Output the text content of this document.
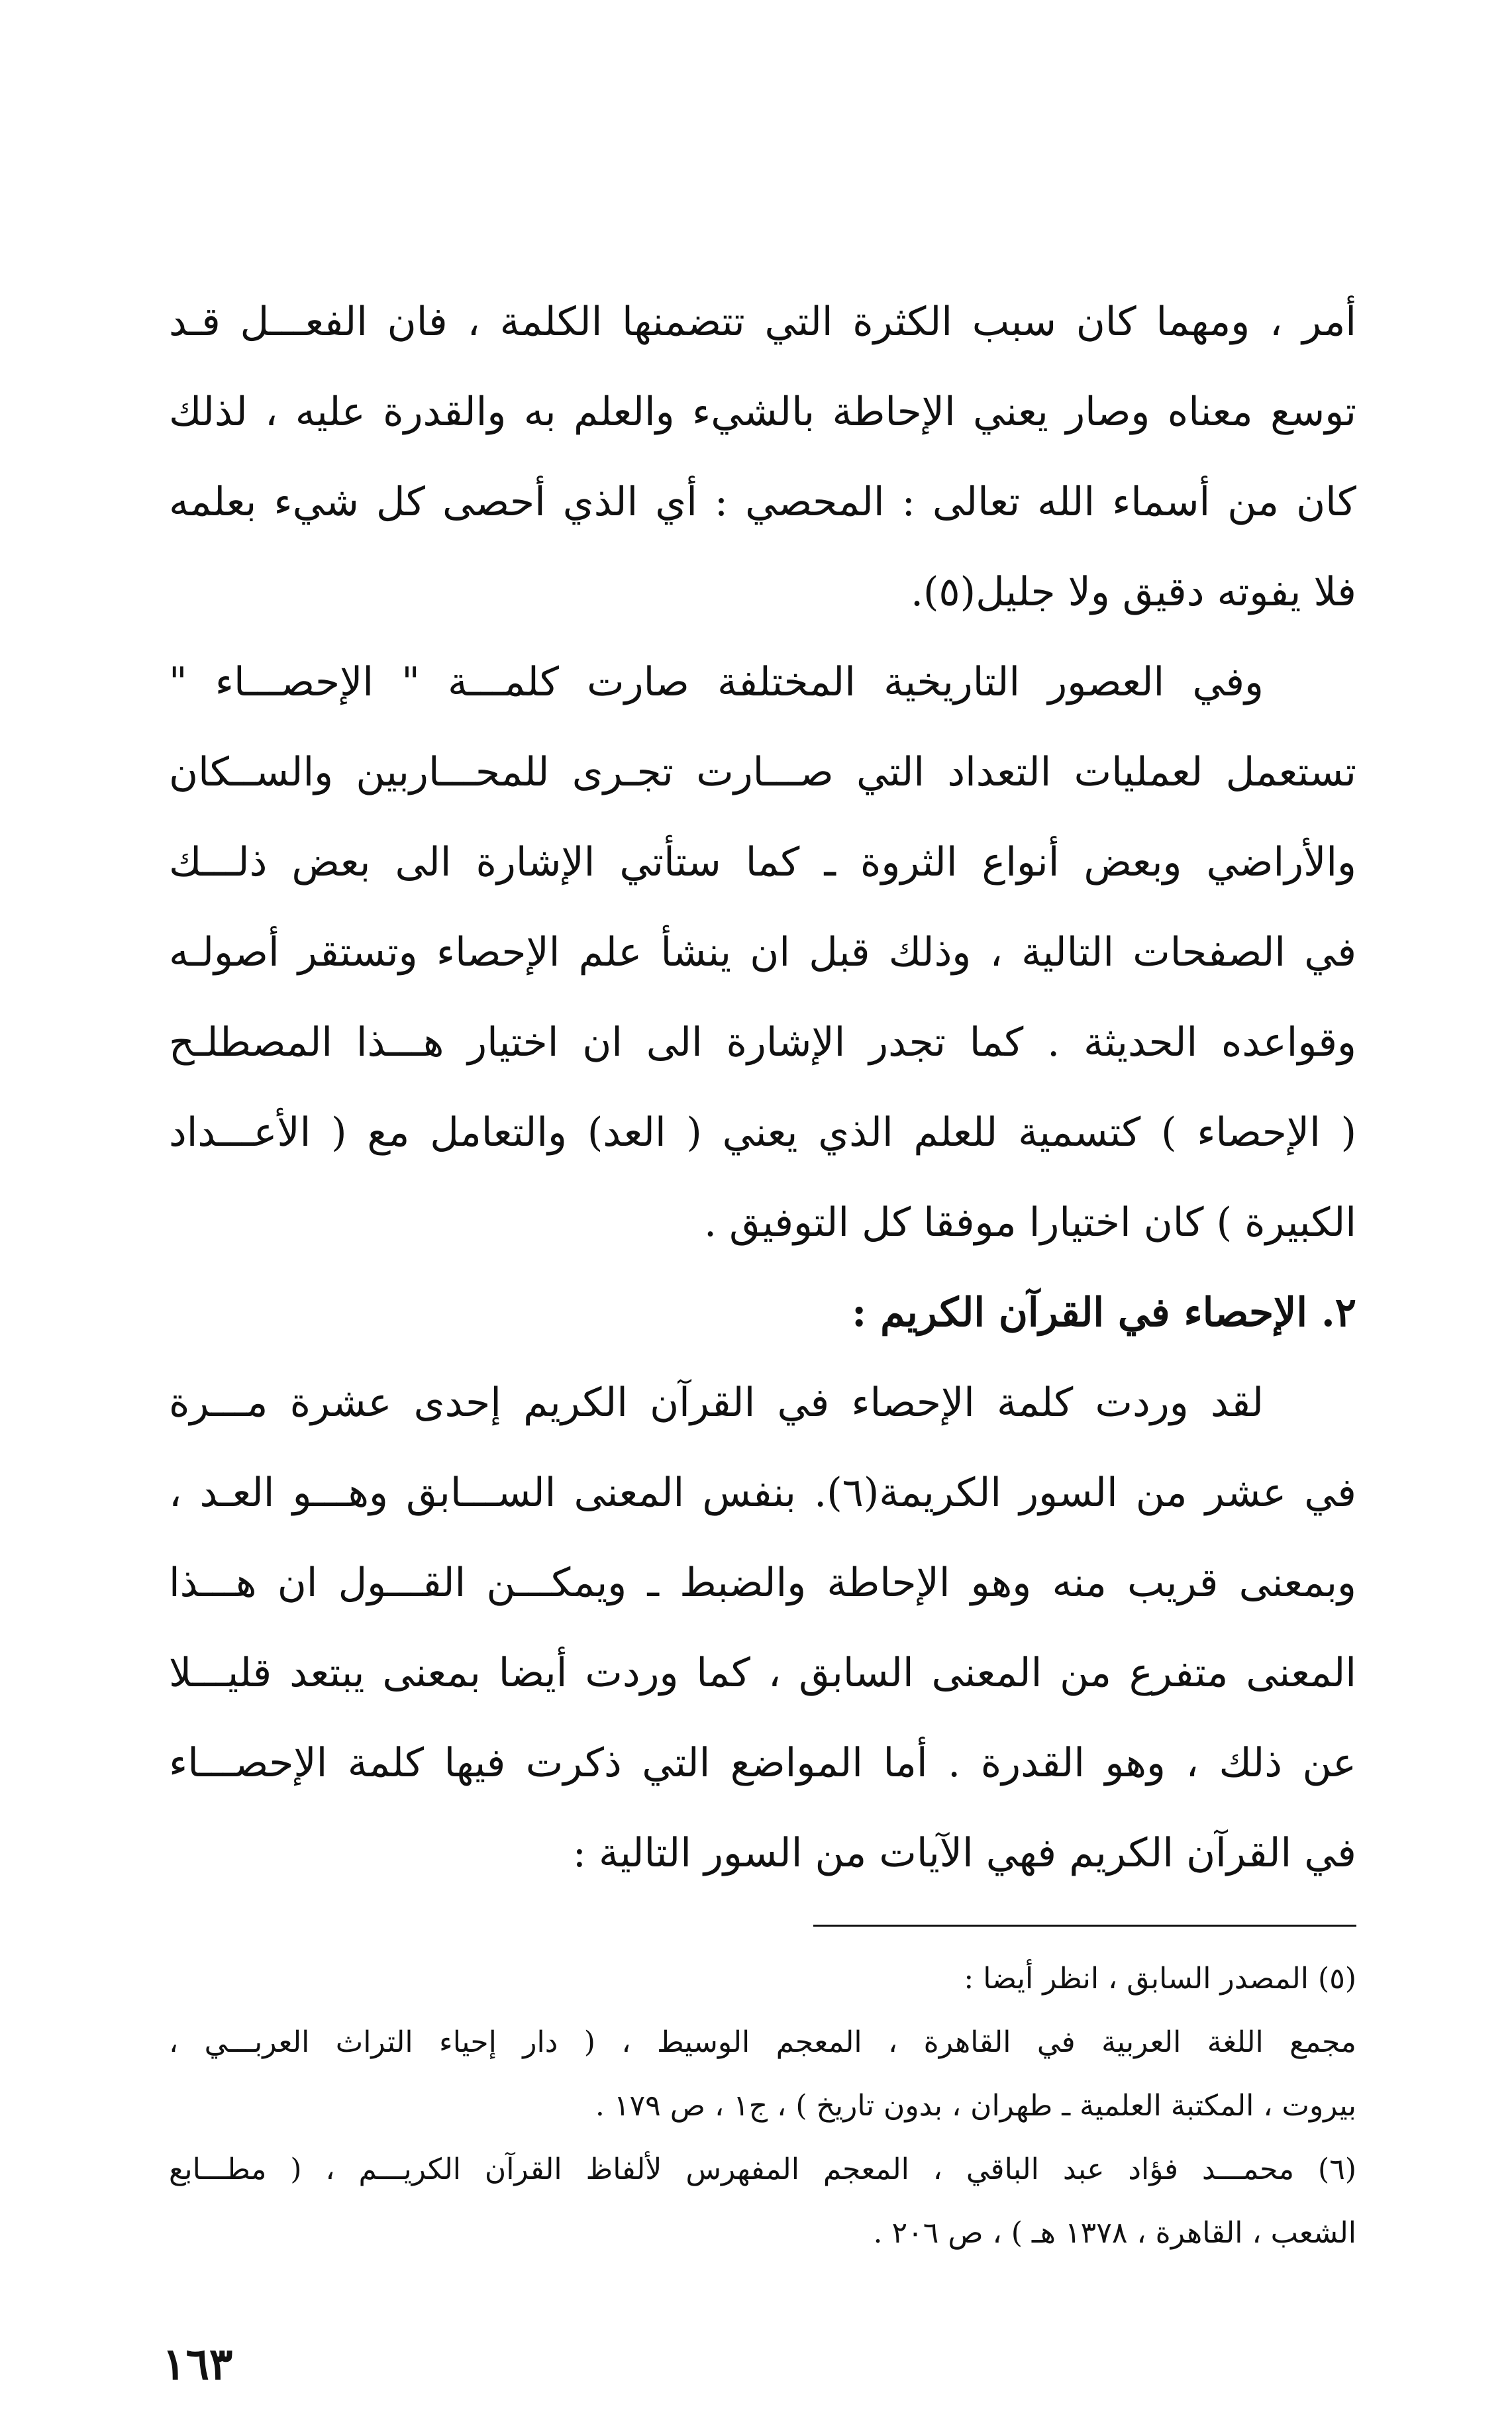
أمر ، ومهما كان سبب الكثرة التي تتضمنها الكلمة ، فان الفعـــل قـد
توسع معناه وصار يعني الإحاطة بالشيء والعلم به والقدرة عليه ، لذلك
كان من أسماء الله تعالى : المحصي : أي الذي أحصى كل شيء بعلمه
فلا يفوته دقيق ولا جليل(٥).
وفي العصور التاريخية المختلفة صارت كلمـــة " الإحصـــاء "
تستعمل لعمليات التعداد التي صـــارت تجـرى للمحـــاربين والســكان
والأراضي وبعض أنواع الثروة ـ كما ستأتي الإشارة الى بعض ذلـــك
في الصفحات التالية ، وذلك قبل ان ينشأ علم الإحصاء وتستقر أصولـه
وقواعده الحديثة . كما تجدر الإشارة الى ان اختيار هـــذا المصطلـح
( الإحصاء ) كتسمية للعلم الذي يعني ( العد) والتعامل مع ( الأعـــداد
الكبيرة ) كان اختيارا موفقا كل التوفيق .
٢. الإحصاء في القرآن الكريم :
لقد وردت كلمة الإحصاء في القرآن الكريم إحدى عشرة مـــرة
في عشر من السور الكريمة(٦). بنفس المعنى الســـابق وهـــو العـد ،
وبمعنى قريب منه وهو الإحاطة والضبط ـ ويمكـــن القـــول ان هـــذا
المعنى متفرع من المعنى السابق ، كما وردت أيضا بمعنى يبتعد قليـــلا
عن ذلك ، وهو القدرة . أما المواضع التي ذكرت فيها كلمة الإحصـــاء
في القرآن الكريم فهي الآيات من السور التالية :
(٥) المصدر السابق ، انظر أيضا :
مجمع اللغة العربية في القاهرة ، المعجم الوسيط ، ( دار إحياء التراث العربـــي ،
بيروت ، المكتبة العلمية ـ طهران ، بدون تاريخ ) ، ج١ ، ص ١٧٩ .
(٦) محمـــد فؤاد عبد الباقي ، المعجم المفهرس لألفاظ القرآن الكريـــم ، ( مطـــابع
الشعب ، القاهرة ، ١٣٧٨ هـ ) ، ص ٢٠٦ .
١٦٣
